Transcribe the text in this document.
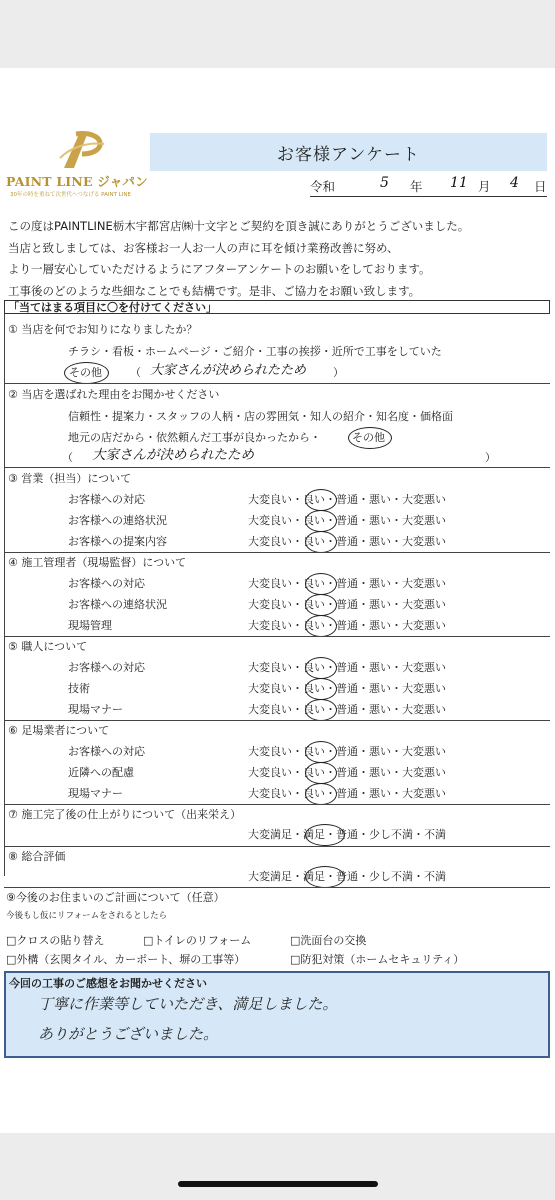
PAINT LINE ジャパン
30年の時を重ねて次世代へつなげる PAINT LINE
お客様アンケート
令和	5 年 11 月 4 日
この度はPAINTLINE栃木宇都宮店㈱十文字とご契約を頂き誠にありがとうございました。
当店と致しましては、お客様お一人お一人の声に耳を傾け業務改善に努め、
より一層安心していただけるようにアフターアンケートのお願いをしております。
工事後のどのような些細なことでも結構です。是非、ご協力をお願い致します。
「当てはまる項目に〇を付けてください」
① 当店を何でお知りになりましたか？
チラシ・看板・ホームページ・ご紹介・工事の挨拶・近所で工事をしていた
その他	（ 大家さんが決められたため ）
② 当店を選ばれた理由をお聞かせください
信頼性・提案力・スタッフの人柄・店の雰囲気・知人の紹介・知名度・価格面
地元の店だから・依然頼んだ工事が良かったから・	その他
（ 大家さんが決められたため	）
③ 営業（担当）について
お客様への対応	大変良い・良い・普通・悪い・大変悪い
お客様への連絡状況	大変良い・良い・普通・悪い・大変悪い
お客様への提案内容	大変良い・良い・普通・悪い・大変悪い
④ 施工管理者（現場監督）について
お客様への対応	大変良い・良い・普通・悪い・大変悪い
お客様への連絡状況	大変良い・良い・普通・悪い・大変悪い
現場管理	大変良い・良い・普通・悪い・大変悪い
⑤ 職人について
お客様への対応	大変良い・良い・普通・悪い・大変悪い
技術	大変良い・良い・普通・悪い・大変悪い
現場マナー	大変良い・良い・普通・悪い・大変悪い
⑥ 足場業者について
お客様への対応	大変良い・良い・普通・悪い・大変悪い
近隣への配慮	大変良い・良い・普通・悪い・大変悪い
現場マナー	大変良い・良い・普通・悪い・大変悪い
⑦ 施工完了後の仕上がりについて（出来栄え）
大変満足・満足・普通・少し不満・不満
⑧ 総合評価
大変満足・満足・普通・少し不満・不満
⑨今後のお住まいのご計画について（任意）
今後もし仮にリフォームをされるとしたら
□クロスの貼り替え	□トイレのリフォーム	□洗面台の交換
□外構（玄関タイル、カーポート、塀の工事等）	□防犯対策（ホームセキュリティ）
今回の工事のご感想をお聞かせください
丁寧に作業等していただき、満足しました。
ありがとうございました。
